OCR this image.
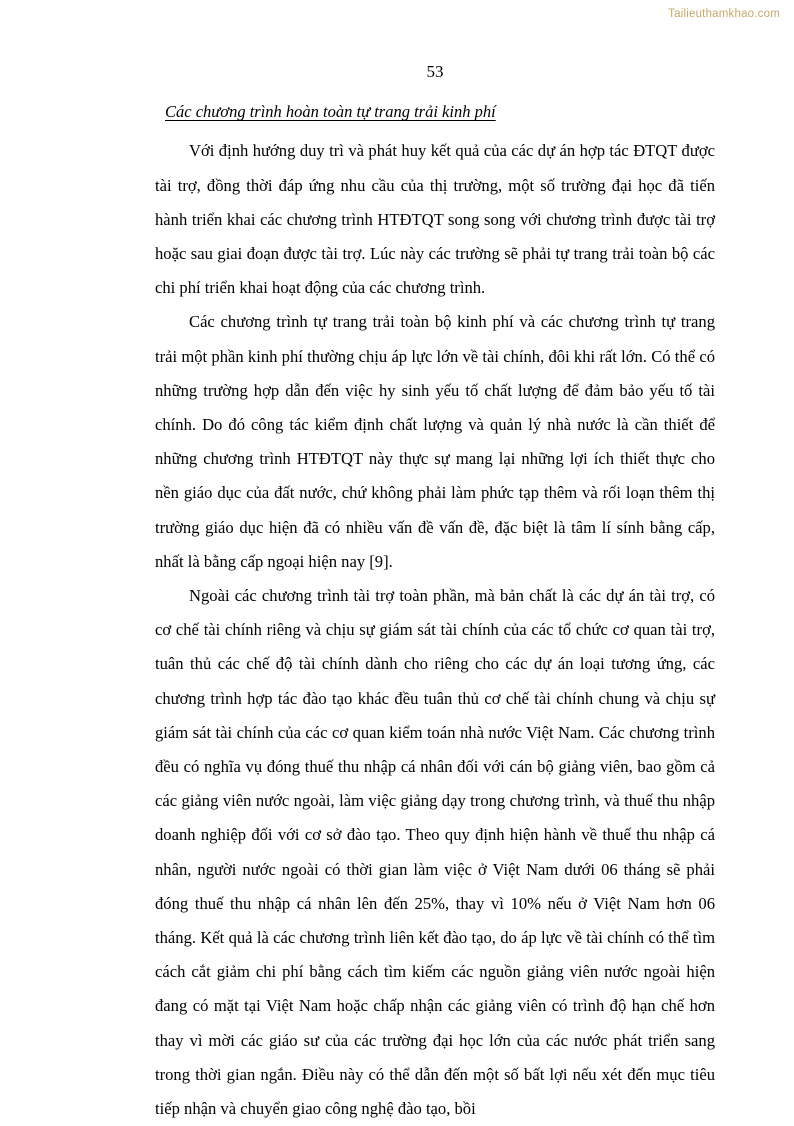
Tailieuthamkhao.com
53
Các chương trình hoàn toàn tự trang trải kinh phí

Với định hướng duy trì và phát huy kết quả của các dự án hợp tác ĐTQT được tài trợ, đồng thời đáp ứng nhu cầu của thị trường, một số trường đại học đã tiến hành triển khai các chương trình HTĐTQT song song với chương trình được tài trợ hoặc sau giai đoạn được tài trợ. Lúc này các trường sẽ phải tự trang trải toàn bộ các chi phí triển khai hoạt động của các chương trình.

Các chương trình tự trang trải toàn bộ kinh phí và các chương trình tự trang trải một phần kinh phí thường chịu áp lực lớn về tài chính, đôi khi rất lớn. Có thể có những trường hợp dẫn đến việc hy sinh yếu tố chất lượng để đảm bảo yếu tố tài chính. Do đó công tác kiểm định chất lượng và quản lý nhà nước là cần thiết để những chương trình HTĐTQT này thực sự mang lại những lợi ích thiết thực cho nền giáo dục của đất nước, chứ không phải làm phức tạp thêm và rối loạn thêm thị trường giáo dục hiện đã có nhiều vấn đề vấn đề, đặc biệt là tâm lí sính bằng cấp, nhất là bằng cấp ngoại hiện nay [9].

Ngoài các chương trình tài trợ toàn phần, mà bản chất là các dự án tài trợ, có cơ chế tài chính riêng và chịu sự giám sát tài chính của các tổ chức cơ quan tài trợ, tuân thủ các chế độ tài chính dành cho riêng cho các dự án loại tương ứng, các chương trình hợp tác đào tạo khác đều tuân thủ cơ chế tài chính chung và chịu sự giám sát tài chính của các cơ quan kiểm toán nhà nước Việt Nam. Các chương trình đều có nghĩa vụ đóng thuế thu nhập cá nhân đối với cán bộ giảng viên, bao gồm cả các giảng viên nước ngoài, làm việc giảng dạy trong chương trình, và thuế thu nhập doanh nghiệp đối với cơ sở đào tạo. Theo quy định hiện hành về thuế thu nhập cá nhân, người nước ngoài có thời gian làm việc ở Việt Nam dưới 06 tháng sẽ phải đóng thuế thu nhập cá nhân lên đến 25%, thay vì 10% nếu ở Việt Nam hơn 06 tháng. Kết quả là các chương trình liên kết đào tạo, do áp lực về tài chính có thể tìm cách cắt giảm chi phí bằng cách tìm kiếm các nguồn giảng viên nước ngoài hiện đang có mặt tại Việt Nam hoặc chấp nhận các giảng viên có trình độ hạn chế hơn thay vì mời các giáo sư của các trường đại học lớn của các nước phát triển sang trong thời gian ngắn. Điều này có thể dẫn đến một số bất lợi nếu xét đến mục tiêu tiếp nhận và chuyển giao công nghệ đào tạo, bồi
